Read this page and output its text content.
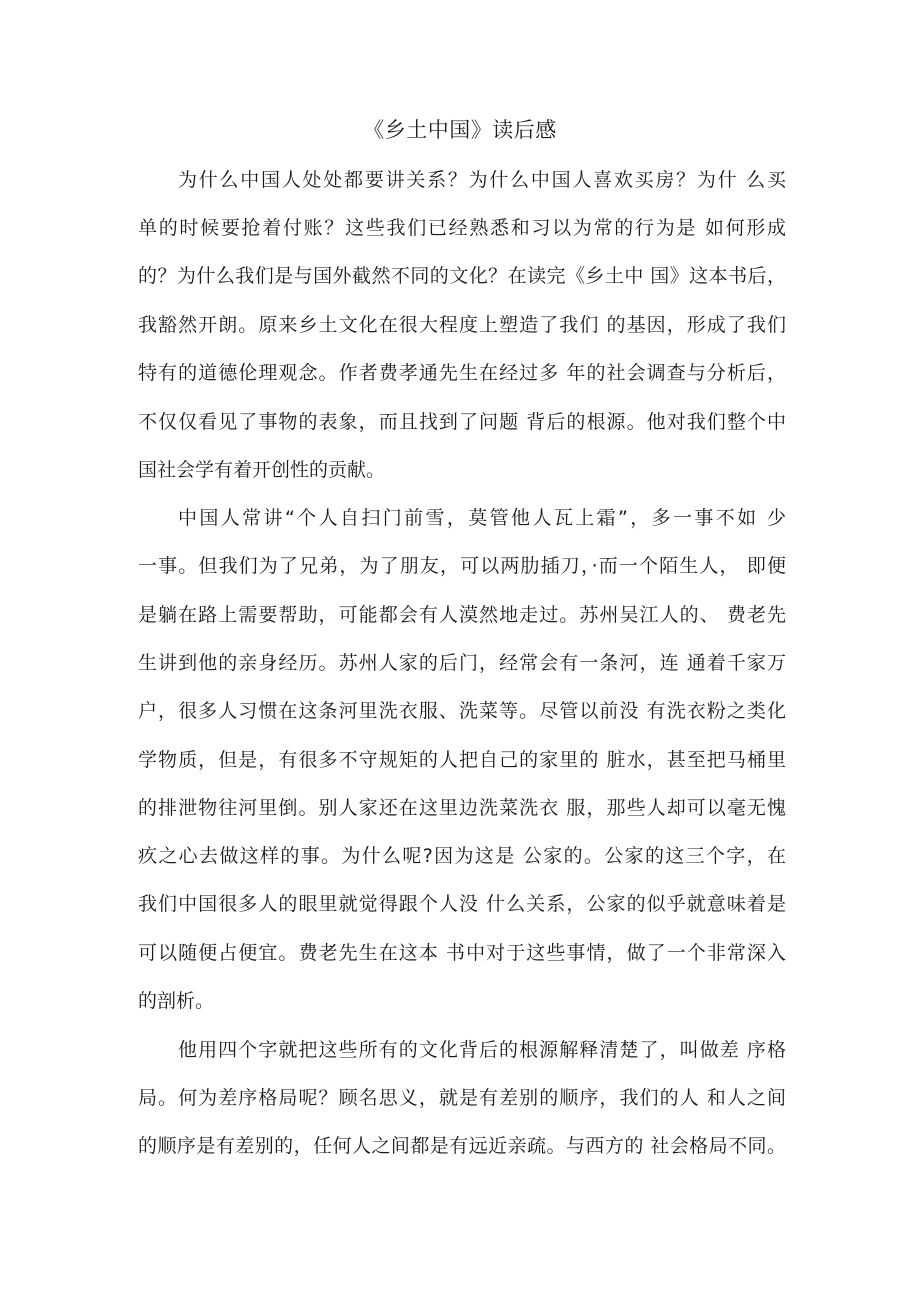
《乡土中国》读后感
为什么中国人处处都要讲关系？为什么中国人喜欢买房？为什 么买
单的时候要抢着付账？这些我们已经熟悉和习以为常的行为是 如何形成
的？为什么我们是与国外截然不同的文化？在读完《乡土中 国》这本书后，
我豁然开朗。原来乡土文化在很大程度上塑造了我们 的基因，形成了我们
特有的道德伦理观念。作者费孝通先生在经过多 年的社会调查与分析后，
不仅仅看见了事物的表象，而且找到了问题 背后的根源。他对我们整个中
国社会学有着开创性的贡献。
中国人常讲“个人自扫门前雪，莫管他人瓦上霜”，多一事不如 少
一事。但我们为了兄弟，为了朋友，可以两肋插刀，·而一个陌生人， 即便
是躺在路上需要帮助，可能都会有人漠然地走过。苏州吴江人的、 费老先
生讲到他的亲身经历。苏州人家的后门，经常会有一条河，连 通着千家万
户，很多人习惯在这条河里洗衣服、洗菜等。尽管以前没 有洗衣粉之类化
学物质，但是，有很多不守规矩的人把自己的家里的 脏水，甚至把马桶里
的排泄物往河里倒。别人家还在这里边洗菜洗衣 服，那些人却可以毫无愧
疚之心去做这样的事。为什么呢?因为这是 公家的。公家的这三个字，在
我们中国很多人的眼里就觉得跟个人没 什么关系，公家的似乎就意味着是
可以随便占便宜。费老先生在这本 书中对于这些事情，做了一个非常深入
的剖析。
他用四个字就把这些所有的文化背后的根源解释清楚了，叫做差 序格
局。何为差序格局呢？顾名思义，就是有差别的顺序，我们的人 和人之间
的顺序是有差别的，任何人之间都是有远近亲疏。与西方的 社会格局不同。
